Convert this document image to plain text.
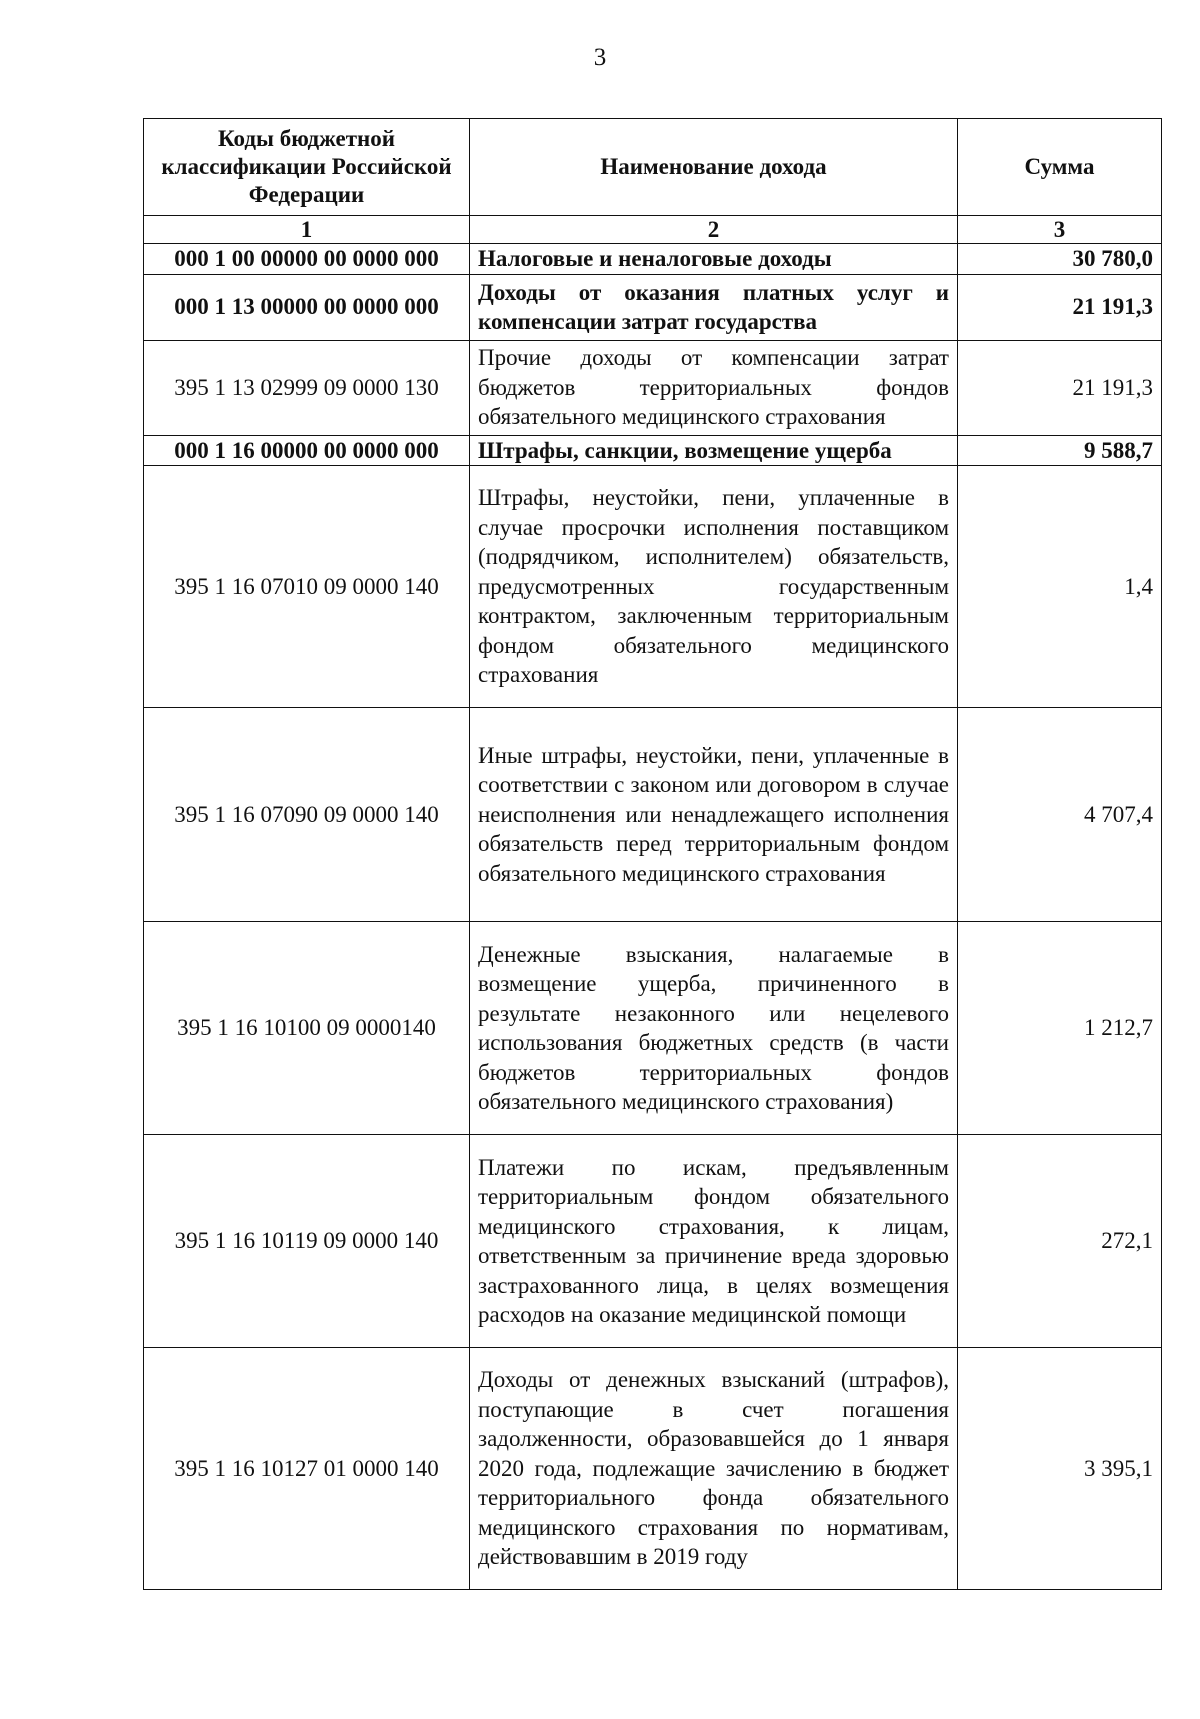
3
Коды бюджетной классификации Российской Федерации	Наименование дохода	Сумма
1	2	3
000 1 00 00000 00 0000 000	Налоговые и неналоговые доходы	30 780,0
000 1 13 00000 00 0000 000	Доходы от оказания платных услуг и компенсации затрат государства	21 191,3
395 1 13 02999 09 0000 130	Прочие доходы от компенсации затрат бюджетов территориальных фондов обязательного медицинского страхования	21 191,3
000 1 16 00000 00 0000 000	Штрафы, санкции, возмещение ущерба	9 588,7
395 1 16 07010 09 0000 140	Штрафы, неустойки, пени, уплаченные в случае просрочки исполнения поставщиком (подрядчиком, исполнителем) обязательств, предусмотренных государственным контрактом, заключенным территориальным фондом обязательного медицинского страхования	1,4
395 1 16 07090 09 0000 140	Иные штрафы, неустойки, пени, уплаченные в соответствии с законом или договором в случае неисполнения или ненадлежащего исполнения обязательств перед территориальным фондом обязательного медицинского страхования	4 707,4
395 1 16 10100 09 0000140	Денежные взыскания, налагаемые в возмещение ущерба, причиненного в результате незаконного или нецелевого использования бюджетных средств (в части бюджетов территориальных фондов обязательного медицинского страхования)	1 212,7
395 1 16 10119 09 0000 140	Платежи по искам, предъявленным территориальным фондом обязательного медицинского страхования, к лицам, ответственным за причинение вреда здоровью застрахованного лица, в целях возмещения расходов на оказание медицинской помощи	272,1
395 1 16 10127 01 0000 140	Доходы от денежных взысканий (штрафов), поступающие в счет погашения задолженности, образовавшейся до 1 января 2020 года, подлежащие зачислению в бюджет территориального фонда обязательного медицинского страхования по нормативам, действовавшим в 2019 году	3 395,1
